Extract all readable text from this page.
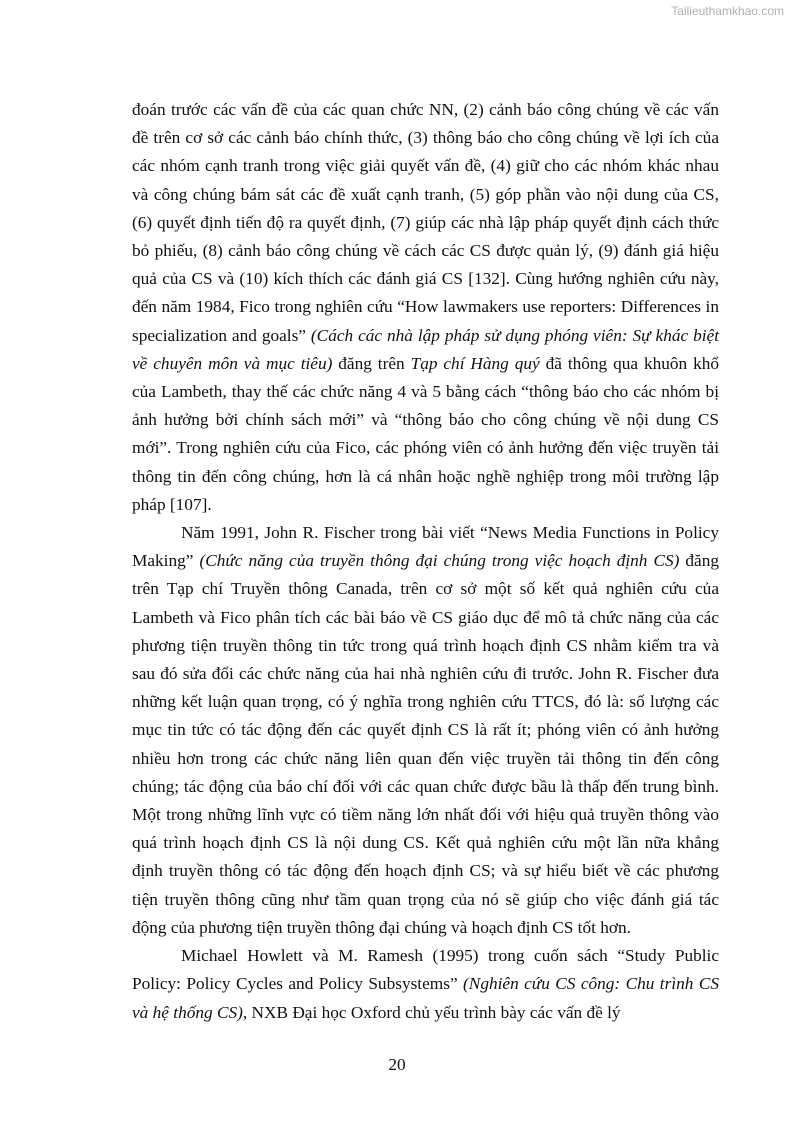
Tailieuthamkhao.com

đoán trước các vấn đề của các quan chức NN, (2) cảnh báo công chúng về các vấn đề trên cơ sở các cảnh báo chính thức, (3) thông báo cho công chúng về lợi ích của các nhóm cạnh tranh trong việc giải quyết vấn đề, (4) giữ cho các nhóm khác nhau và công chúng bám sát các đề xuất cạnh tranh, (5) góp phần vào nội dung của CS, (6) quyết định tiến độ ra quyết định, (7) giúp các nhà lập pháp quyết định cách thức bỏ phiếu, (8) cảnh báo công chúng về cách các CS được quản lý, (9) đánh giá hiệu quả của CS và (10) kích thích các đánh giá CS [132]. Cùng hướng nghiên cứu này, đến năm 1984, Fico trong nghiên cứu “How lawmakers use reporters: Differences in specialization and goals” (Cách các nhà lập pháp sử dụng phóng viên: Sự khác biệt về chuyên môn và mục tiêu) đăng trên Tạp chí Hàng quý đã thông qua khuôn khổ của Lambeth, thay thế các chức năng 4 và 5 bằng cách “thông báo cho các nhóm bị ảnh hưởng bởi chính sách mới” và “thông báo cho công chúng về nội dung CS mới”. Trong nghiên cứu của Fico, các phóng viên có ảnh hưởng đến việc truyền tải thông tin đến công chúng, hơn là cá nhân hoặc nghề nghiệp trong môi trường lập pháp [107].

Năm 1991, John R. Fischer trong bài viết “News Media Functions in Policy Making” (Chức năng của truyền thông đại chúng trong việc hoạch định CS) đăng trên Tạp chí Truyền thông Canada, trên cơ sở một số kết quả nghiên cứu của Lambeth và Fico phân tích các bài báo về CS giáo dục để mô tả chức năng của các phương tiện truyền thông tin tức trong quá trình hoạch định CS nhằm kiểm tra và sau đó sửa đổi các chức năng của hai nhà nghiên cứu đi trước. John R. Fischer đưa những kết luận quan trọng, có ý nghĩa trong nghiên cứu TTCS, đó là: số lượng các mục tin tức có tác động đến các quyết định CS là rất ít; phóng viên có ảnh hưởng nhiều hơn trong các chức năng liên quan đến việc truyền tải thông tin đến công chúng; tác động của báo chí đối với các quan chức được bầu là thấp đến trung bình. Một trong những lĩnh vực có tiềm năng lớn nhất đối với hiệu quả truyền thông vào quá trình hoạch định CS là nội dung CS. Kết quả nghiên cứu một lần nữa khẳng định truyền thông có tác động đến hoạch định CS; và sự hiểu biết về các phương tiện truyền thông cũng như tầm quan trọng của nó sẽ giúp cho việc đánh giá tác động của phương tiện truyền thông đại chúng và hoạch định CS tốt hơn.

Michael Howlett và M. Ramesh (1995) trong cuốn sách “Study Public Policy: Policy Cycles and Policy Subsystems” (Nghiên cứu CS công: Chu trình CS và hệ thống CS), NXB Đại học Oxford chủ yếu trình bày các vấn đề lý

20
